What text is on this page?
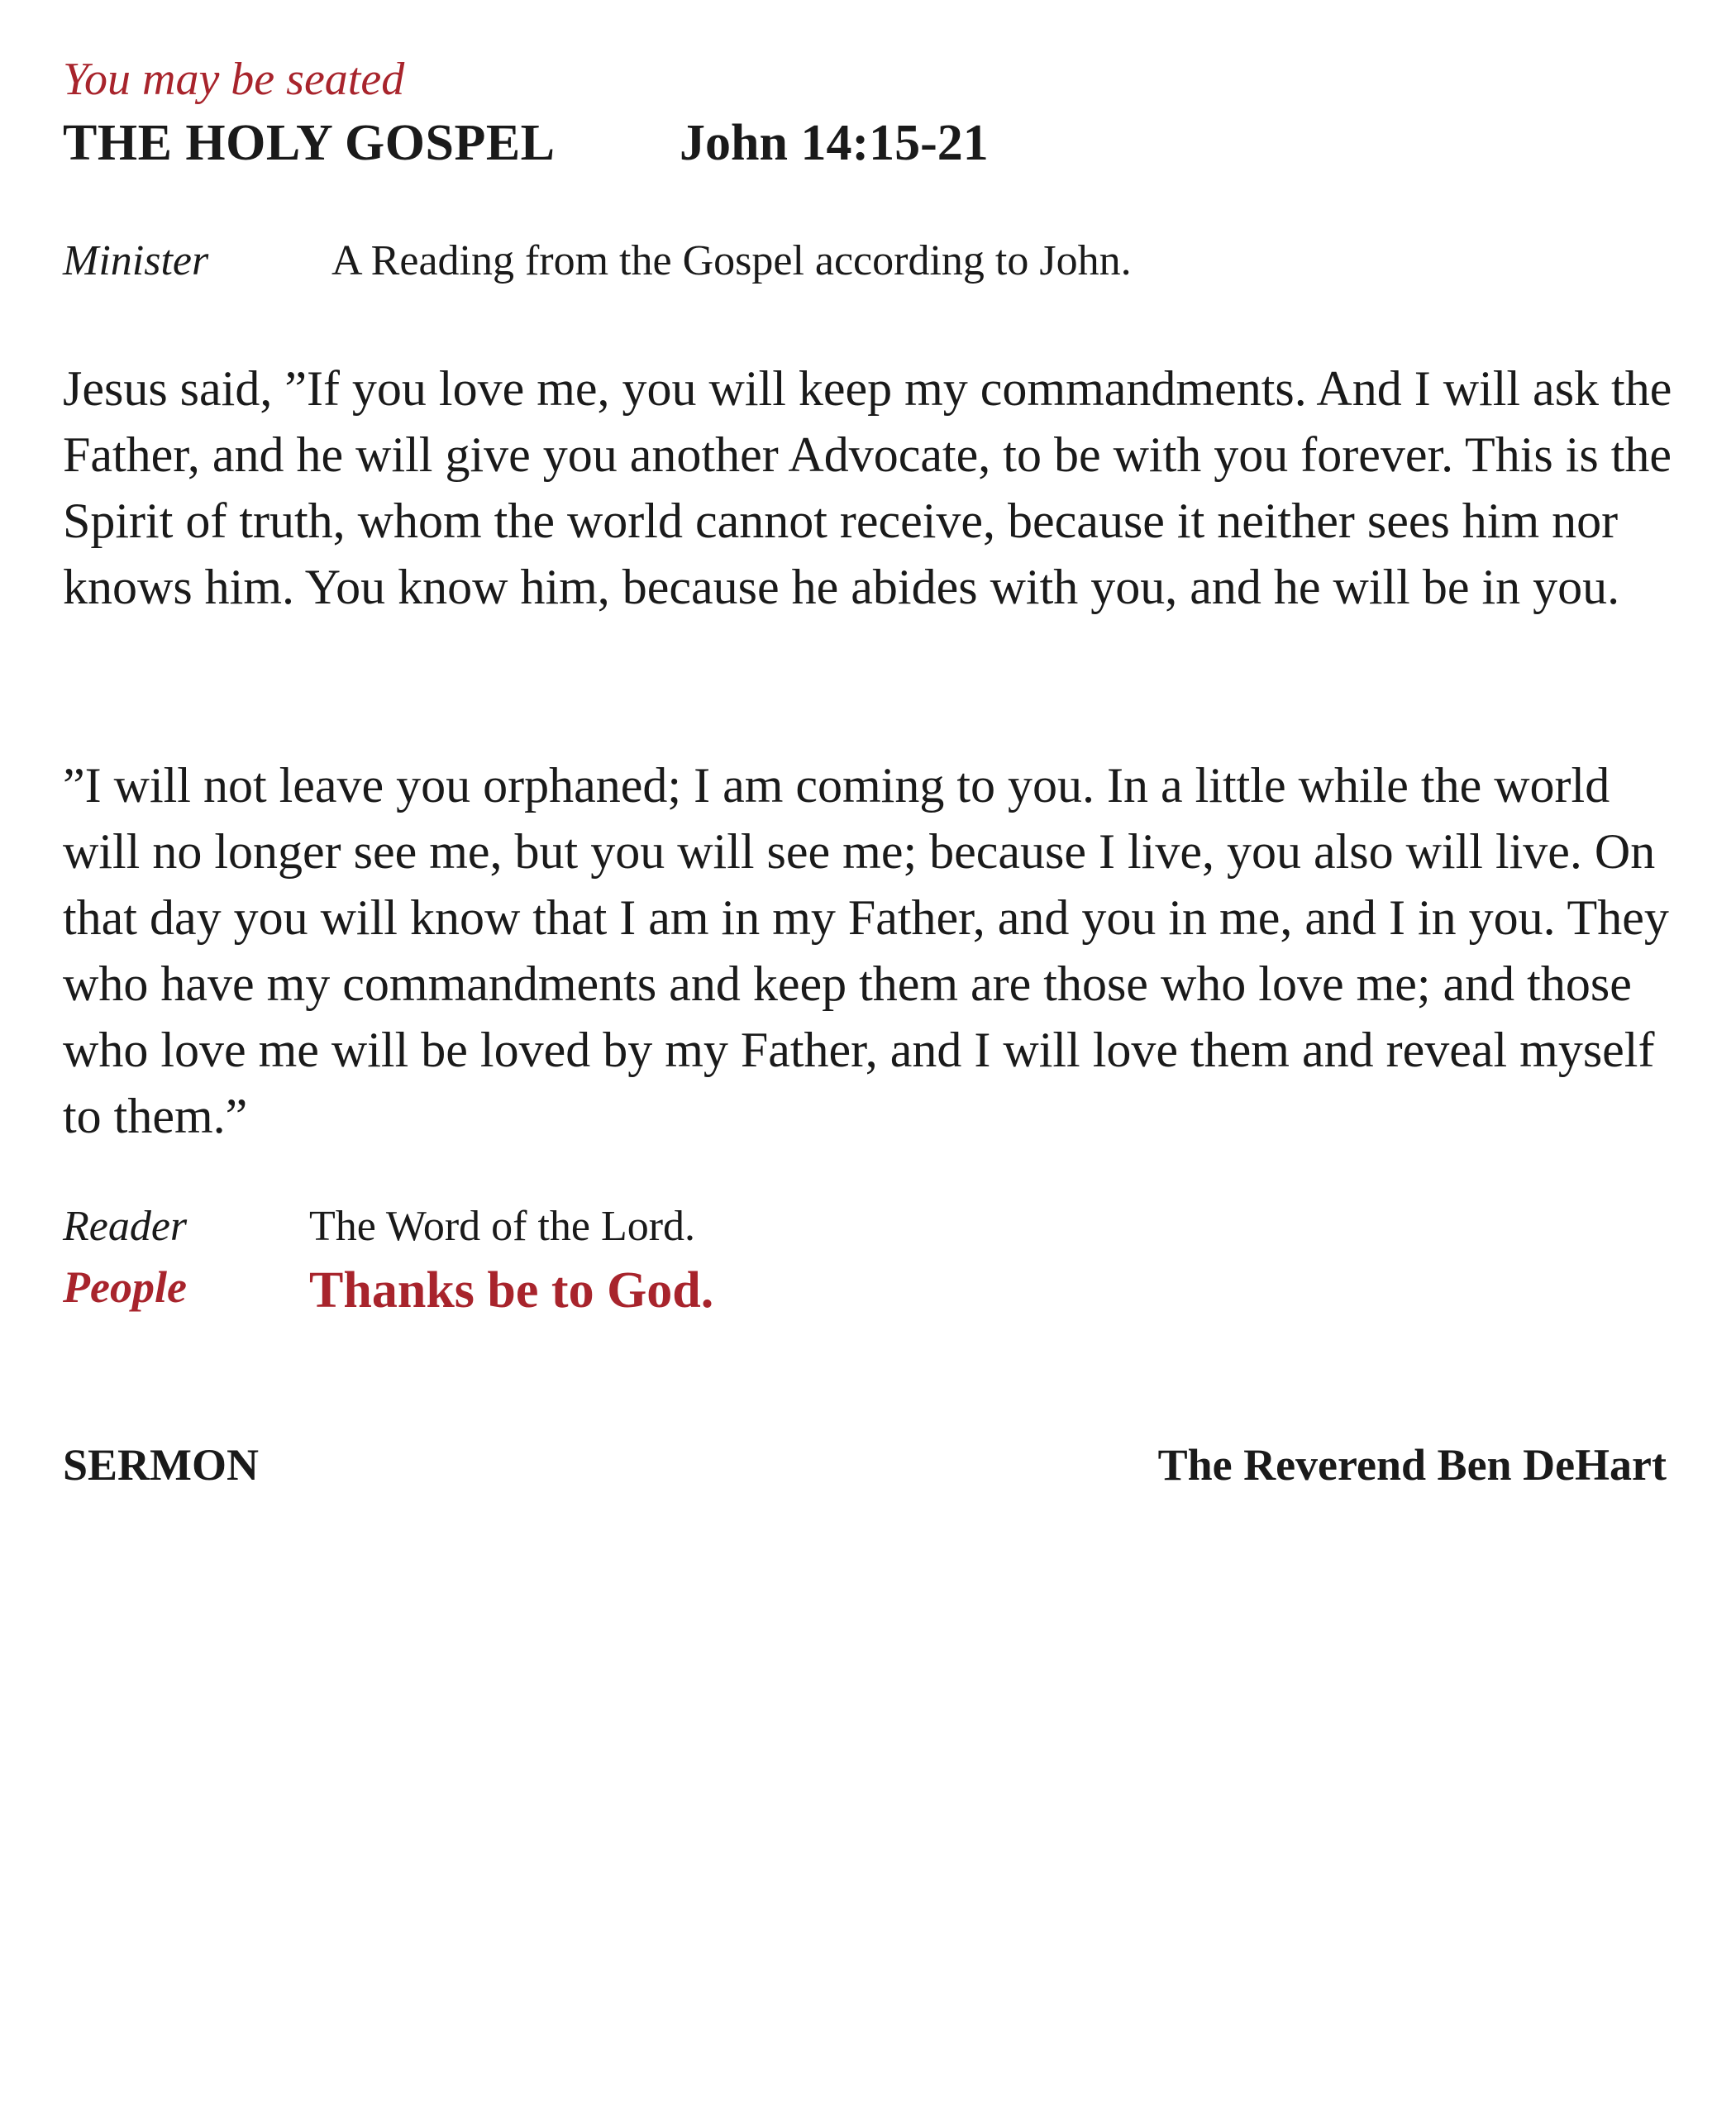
You may be seated
THE HOLY GOSPEL John 14:15-21
Minister	A Reading from the Gospel according to John.

Jesus said, ”If you love me, you will keep my commandments. And I will ask the Father, and he will give you another Advocate, to be with you forever. This is the Spirit of truth, whom the world cannot receive, because it neither sees him nor knows him. You know him, because he abides with you, and he will be in you.

”I will not leave you orphaned; I am coming to you. In a little while the world will no longer see me, but you will see me; because I live, you also will live. On that day you will know that I am in my Father, and you in me, and I in you. They who have my commandments and keep them are those who love me; and those who love me will be loved by my Father, and I will love them and reveal myself to them.”

Reader	The Word of the Lord.
People Thanks be to God.
SERMON	The Reverend Ben DeHart
